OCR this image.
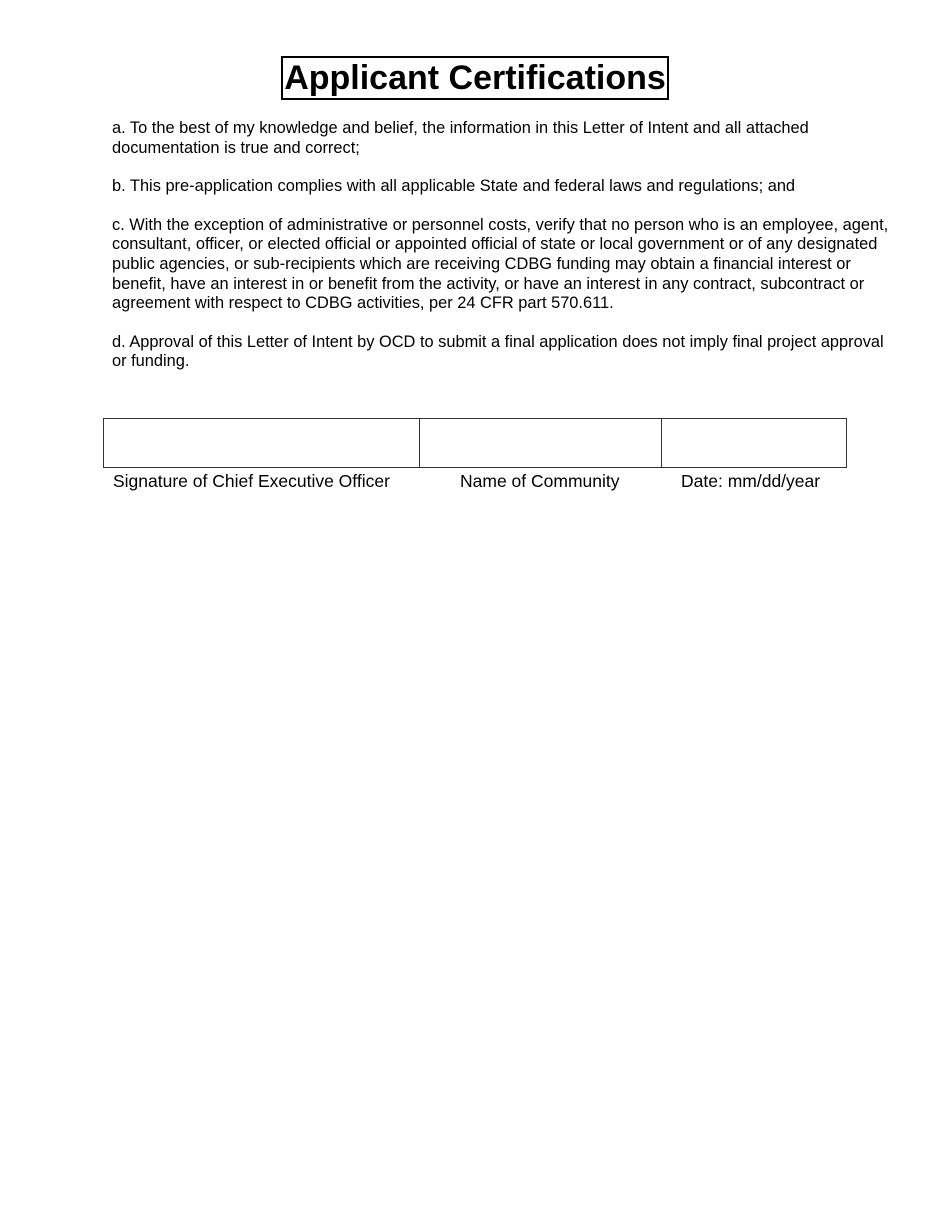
Applicant Certifications

a. To the best of my knowledge and belief, the information in this Letter of Intent and all attached documentation is true and correct;

b. This pre-application complies with all applicable State and federal laws and regulations; and

c. With the exception of administrative or personnel costs, verify that no person who is an employee, agent, consultant, officer, or elected official or appointed official of state or local government or of any designated public agencies, or sub-recipients which are receiving CDBG funding may obtain a financial interest or benefit, have an interest in or benefit from the activity, or have an interest in any contract, subcontract or agreement with respect to CDBG activities, per 24 CFR part 570.611.

d. Approval of this Letter of Intent by OCD to submit a final application does not imply final project approval or funding.

Signature of Chief Executive Officer	Name of Community	Date: mm/dd/year
